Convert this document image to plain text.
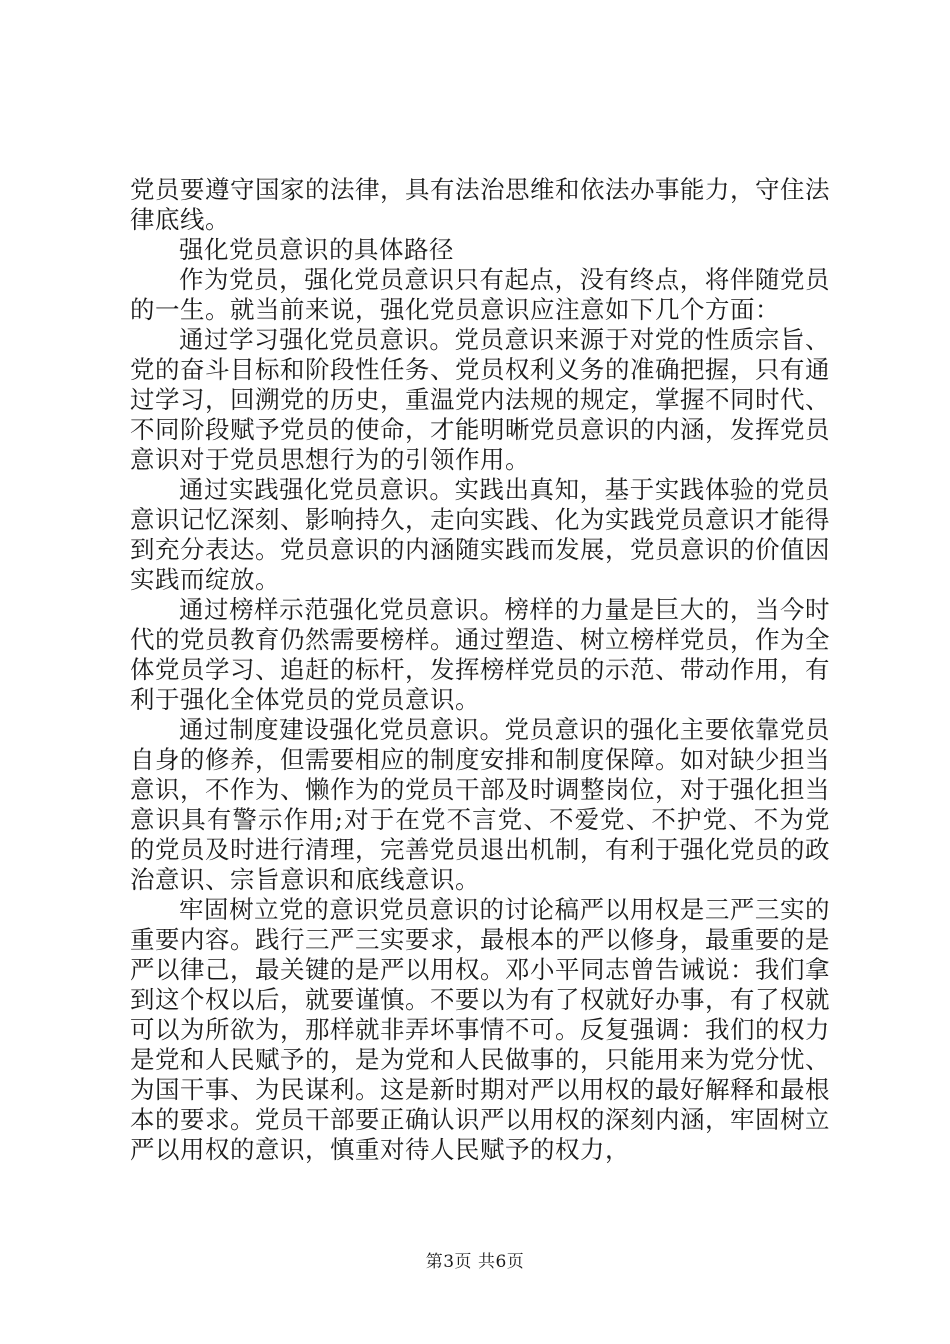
党员要遵守国家的法律，具有法治思维和依法办事能力，守住法律底线。

强化党员意识的具体路径

作为党员，强化党员意识只有起点，没有终点，将伴随党员的一生。就当前来说，强化党员意识应注意如下几个方面：

通过学习强化党员意识。党员意识来源于对党的性质宗旨、党的奋斗目标和阶段性任务、党员权利义务的准确把握，只有通过学习，回溯党的历史，重温党内法规的规定，掌握不同时代、不同阶段赋予党员的使命，才能明晰党员意识的内涵，发挥党员意识对于党员思想行为的引领作用。

通过实践强化党员意识。实践出真知，基于实践体验的党员意识记忆深刻、影响持久，走向实践、化为实践党员意识才能得到充分表达。党员意识的内涵随实践而发展，党员意识的价值因实践而绽放。

通过榜样示范强化党员意识。榜样的力量是巨大的，当今时代的党员教育仍然需要榜样。通过塑造、树立榜样党员，作为全体党员学习、追赶的标杆，发挥榜样党员的示范、带动作用，有利于强化全体党员的党员意识。

通过制度建设强化党员意识。党员意识的强化主要依靠党员自身的修养，但需要相应的制度安排和制度保障。如对缺少担当意识，不作为、懒作为的党员干部及时调整岗位，对于强化担当意识具有警示作用;对于在党不言党、不爱党、不护党、不为党的党员及时进行清理，完善党员退出机制，有利于强化党员的政治意识、宗旨意识和底线意识。

牢固树立党的意识党员意识的讨论稿严以用权是三严三实的重要内容。践行三严三实要求，最根本的严以修身，最重要的是严以律己，最关键的是严以用权。邓小平同志曾告诫说：我们拿到这个权以后，就要谨慎。不要以为有了权就好办事，有了权就可以为所欲为，那样就非弄坏事情不可。反复强调：我们的权力是党和人民赋予的，是为党和人民做事的，只能用来为党分忧、为国干事、为民谋利。这是新时期对严以用权的最好解释和最根本的要求。党员干部要正确认识严以用权的深刻内涵，牢固树立严以用权的意识，慎重对待人民赋予的权力，

第3页 共6页
